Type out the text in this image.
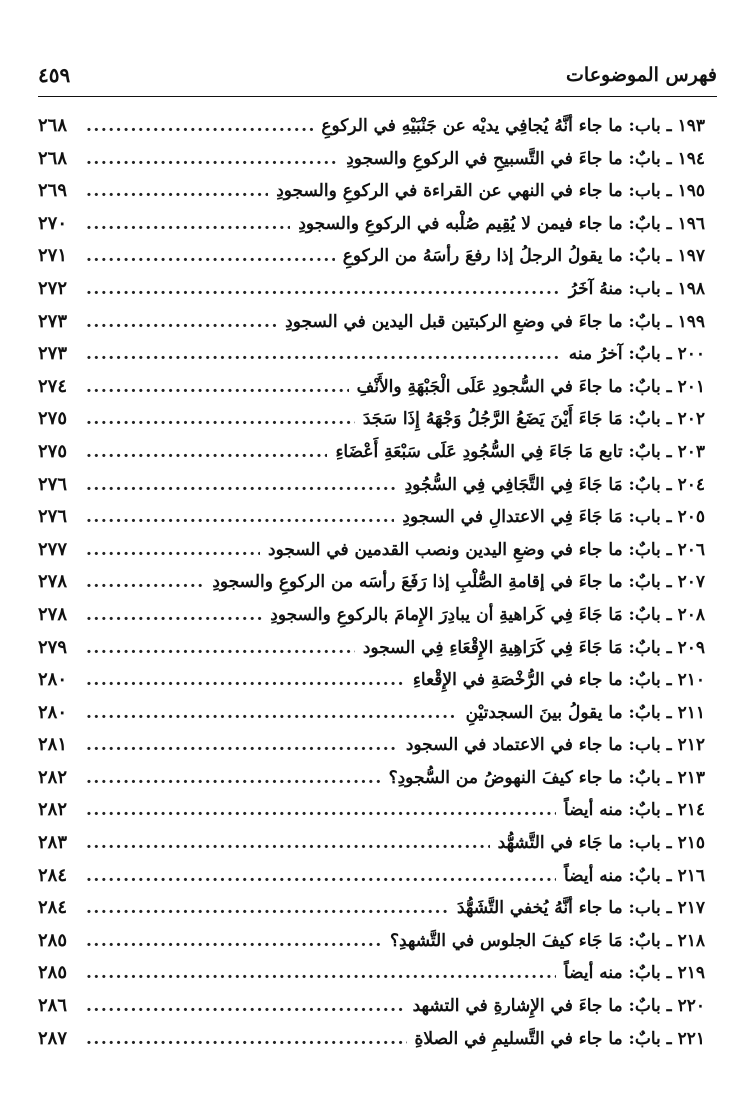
فهرس الموضوعات
٤٥٩
١٩٣ ـ باب: ما جاء أنَّهُ يُجافِي يديْه عن جَنْبَيْهِ في الركوعِ
.....
٢٦٨
١٩٤ ـ بابٌ: ما جاءَ في التَّسبيحِ في الركوعِ والسجودِ
.....
٢٦٨
١٩٥ ـ باب: ما جاء في النهي عن القراءة في الركوعِ والسجودِ
.....
٢٦٩
١٩٦ ـ بابٌ: ما جاء فيمن لا يُقِيم صُلْبه في الركوعِ والسجودِ
.....
٢٧٠
١٩٧ ـ بابٌ: ما يقولُ الرجلُ إذا رفعَ رأسَهُ من الركوعِ
.....
٢٧١
١٩٨ ـ باب: منهُ آخَرُ
.....
٢٧٢
١٩٩ ـ بابٌ: ما جاءَ في وضعِ الركبتين قبل اليدين في السجودِ
.....
٢٧٣
٢٠٠ ـ بابٌ: آخرُ منه
.....
٢٧٣
٢٠١ ـ بابٌ: ما جاءَ في السُّجودِ عَلَى الْجَبْهَةِ والأَنْفِ
.....
٢٧٤
٢٠٢ ـ بابٌ: مَا جَاءَ أَيْنَ يَضَعُ الرَّجُلُ وَجْهَهُ إِذَا سَجَدَ
.....
٢٧٥
٢٠٣ ـ بابٌ: تابع مَا جَاءَ فِي السُّجُودِ عَلَى سَبْعَةِ أَعْضَاءِ
.....
٢٧٥
٢٠٤ ـ بابٌ: مَا جَاءَ فِي التَّجَافِي فِي السُّجُودِ
.....
٢٧٦
٢٠٥ ـ باب: مَا جَاءَ فِي الاعتدالِ في السجودِ
.....
٢٧٦
٢٠٦ ـ بابٌ: ما جاء في وضعِ اليدين ونصب القدمين في السجود
.....
٢٧٧
٢٠٧ ـ بابٌ: ما جاءَ في إقامةِ الصُّلْبِ إذا رَفَعَ رأسَه من الركوعِ والسجودِ
.....
٢٧٨
٢٠٨ ـ بابٌ: مَا جَاءَ فِي كَراهيةِ أن يبادِرَ الإِمامَ بالركوعِ والسجودِ
.....
٢٧٨
٢٠٩ ـ بابٌ: مَا جَاءَ فِي كَرَاهِيةِ الإِقْعَاءِ فِي السجود
.....
٢٧٩
٢١٠ ـ بابٌ: ما جاء في الرُّخْصَةِ في الإِقْعاءِ
.....
٢٨٠
٢١١ ـ بابٌ: ما يقولُ بينَ السجدتيْنِ
.....
٢٨٠
٢١٢ ـ باب: ما جاء في الاعتماد في السجود
.....
٢٨١
٢١٣ ـ بابٌ: ما جاء كيفَ النهوضُ من السُّجودِ؟
.....
٢٨٢
٢١٤ ـ بابٌ: منه أيضاً
.....
٢٨٢
٢١٥ ـ باب: ما جَاء في التَّشهُّد
.....
٢٨٣
٢١٦ ـ بابٌ: منه أيضاً
.....
٢٨٤
٢١٧ ـ باب: ما جاء أنَّهُ يُخفي التَّشَهُّدَ
.....
٢٨٤
٢١٨ ـ بابٌ: مَا جَاء كيفَ الجلوس في التَّشهدِ؟
.....
٢٨٥
٢١٩ ـ بابٌ: منه أيضاً
.....
٢٨٥
٢٢٠ ـ بابٌ: ما جاءَ في الإِشارةِ في التشهد
.....
٢٨٦
٢٢١ ـ بابٌ: ما جاء في التَّسليمِ في الصلاةِ
.....
٢٨٧
